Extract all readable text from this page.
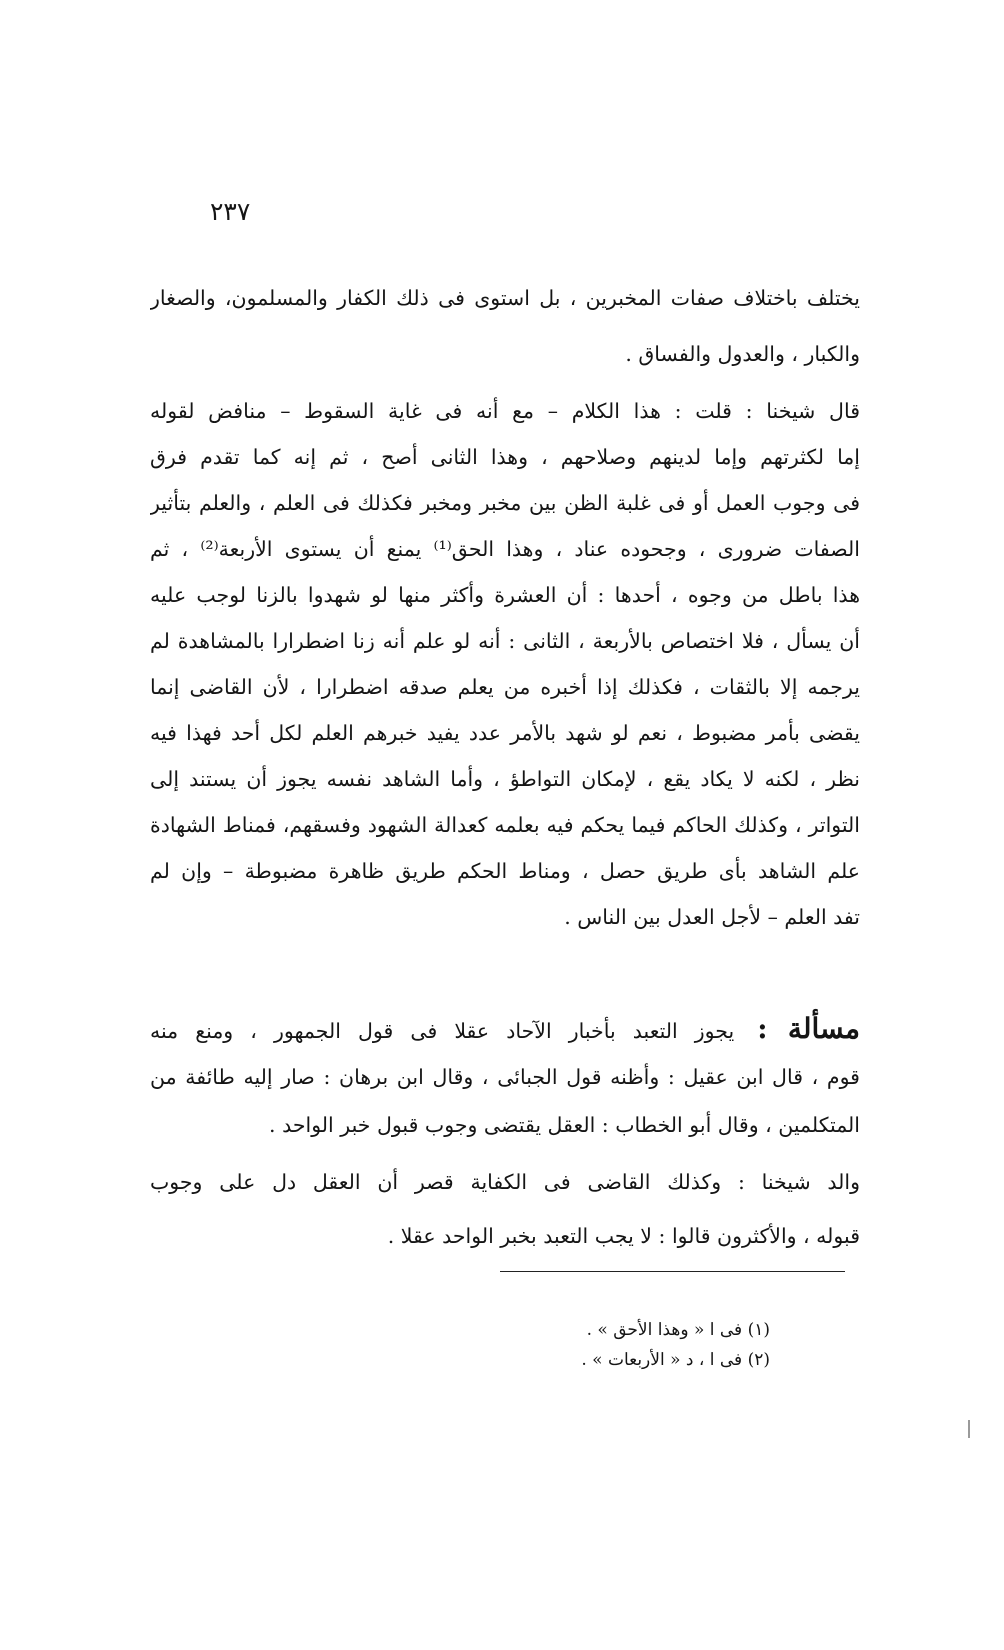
٢٣٧
يختلف باختلاف صفات المخبرين ، بل استوى فى ذلك الكفار والمسلمون، والصغار
والكبار ، والعدول والفساق .
قال شيخنا : قلت : هذا الكلام – مع أنه فى غاية السقوط – منافض لقوله
إما لكثرتهم وإما لدينهم وصلاحهم ، وهذا الثانى أصح ، ثم إنه كما تقدم فرق
فى وجوب العمل أو فى غلبة الظن بين مخبر ومخبر فكذلك فى العلم ، والعلم بتأثير
الصفات ضرورى ، وجحوده عناد ، وهذا الحق⁽¹⁾ يمنع أن يستوى الأربعة⁽²⁾ ، ثم
هذا باطل من وجوه ، أحدها : أن العشرة وأكثر منها لو شهدوا بالزنا لوجب عليه
أن يسأل ، فلا اختصاص بالأربعة ، الثانى : أنه لو علم أنه زنا اضطرارا بالمشاهدة لم
يرجمه إلا بالثقات ، فكذلك إذا أخبره من يعلم صدقه اضطرارا ، لأن القاضى إنما
يقضى بأمر مضبوط ، نعم لو شهد بالأمر عدد يفيد خبرهم العلم لكل أحد فهذا فيه
نظر ، لكنه لا يكاد يقع ، لإمكان التواطؤ ، وأما الشاهد نفسه يجوز أن يستند إلى
التواتر ، وكذلك الحاكم فيما يحكم فيه بعلمه كعدالة الشهود وفسقهم، فمناط الشهادة
علم الشاهد بأى طريق حصل ، ومناط الحكم طريق ظاهرة مضبوطة – وإن لم
تفد العلم – لأجل العدل بين الناس .
مسألة : يجوز التعبد بأخبار الآحاد عقلا فى قول الجمهور ، ومنع منه
قوم ، قال ابن عقيل : وأظنه قول الجبائى ، وقال ابن برهان : صار إليه طائفة من
المتكلمين ، وقال أبو الخطاب : العقل يقتضى وجوب قبول خبر الواحد .
والد شيخنا : وكذلك القاضى فى الكفاية قصر أن العقل دل على وجوب
قبوله ، والأكثرون قالوا : لا يجب التعبد بخبر الواحد عقلا .
(١) فى ا « وهذا الأحق » .
(٢) فى ا ، د « الأربعات » .
